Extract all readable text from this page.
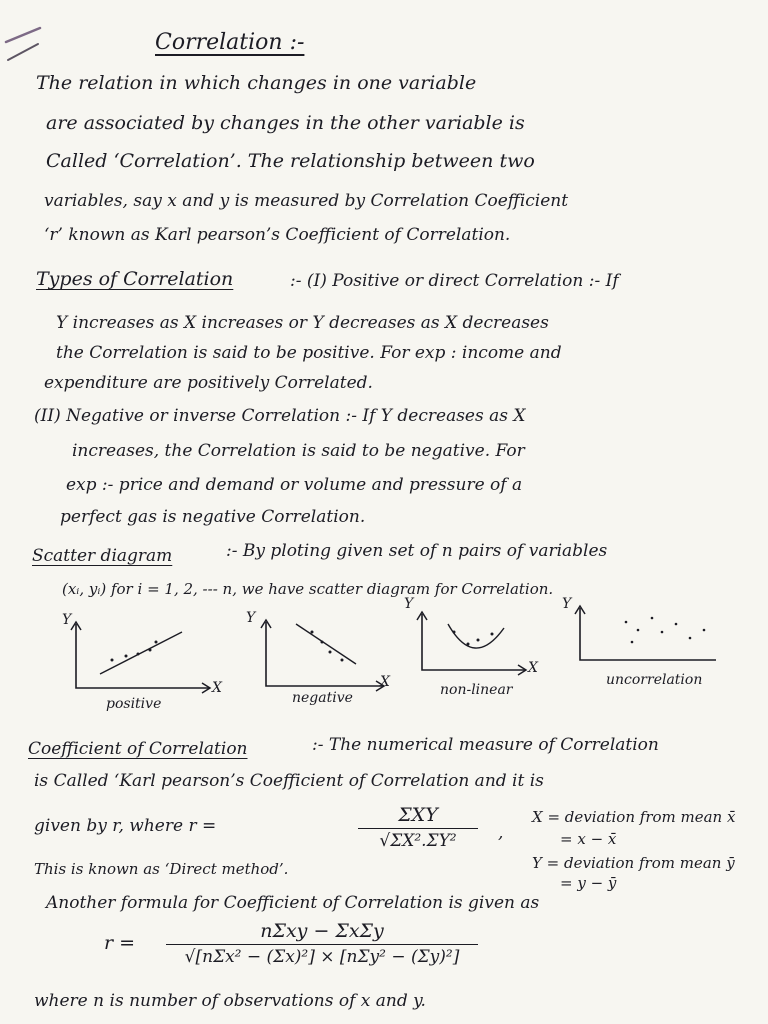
Correlation :-
The relation in which changes in one variable
are associated by changes in the other variable is
Called ‘Correlation’. The relationship between two
variables, say x and y is measured by Correlation Coefficient
‘r’ known as Karl pearson’s Coefficient of Correlation.
Types of Correlation	:- (I) Positive or direct Correlation :- If
Y increases as X increases or Y decreases as X decreases
the Correlation is said to be positive. For exp : income and
expenditure are positively Correlated.
(II) Negative or inverse Correlation :- If Y decreases as X
increases, the Correlation is said to be negative. For
exp :- price and demand or volume and pressure of a
perfect gas is negative Correlation.
Scatter diagram	:- By ploting given set of n pairs of variables
(xᵢ, yᵢ) for i = 1, 2, --- n, we have scatter diagram for Correlation.
Y
X
positive
Y
X
negative
Y
X
non-linear
Y
uncorrelation
Coefficient of Correlation	:- The numerical measure of Correlation
is Called ‘Karl pearson’s Coefficient of Correlation and it is
given by r, where r =	ΣXY
√ΣX².ΣY²	,
X = deviation from mean x̄
= x − x̄
Y = deviation from mean ȳ
= y − ȳ
This is known as ‘Direct method’.
Another formula for Coefficient of Correlation is given as
r =
nΣxy − ΣxΣy
√[nΣx² − (Σx)²] × [nΣy² − (Σy)²]
where n is number of observations of x and y.
